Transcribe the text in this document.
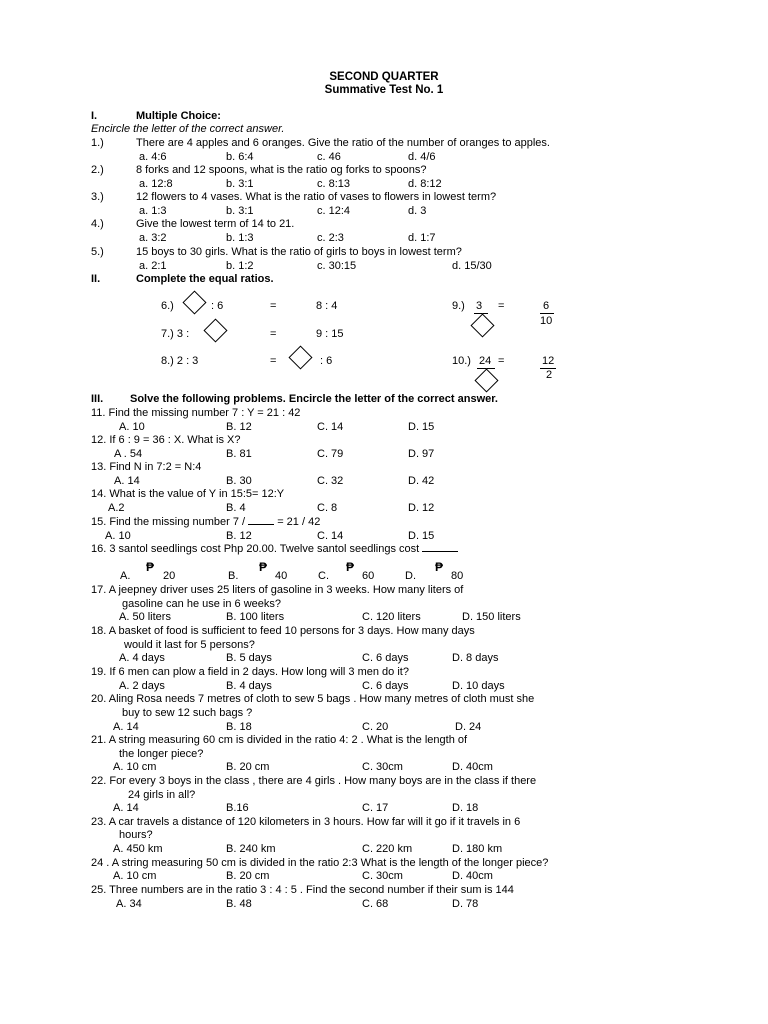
SECOND QUARTER
Summative Test No. 1
I.	Multiple Choice:
Encircle the letter of the correct answer.
1.)	There are 4 apples and 6 oranges. Give the ratio of the number of oranges to apples.
a. 4:6	b. 6:4	c. 46	d. 4/6
2.)	8 forks and 12 spoons, what is the ratio og forks to spoons?
a. 12:8	b. 3:1	c. 8:13	d. 8:12
3.)	12 flowers to 4 vases. What is the ratio of vases to flowers in lowest term?
a. 1:3	b. 3:1	c. 12:4	d. 3
4.)	Give the lowest term of 14 to 21.
a. 3:2	b. 1:3	c. 2:3	d. 1:7
5.)	15 boys to 30 girls. What is the ratio of girls to boys in lowest term?
a. 2:1	b. 1:2	c. 30:15	d. 15/30
II.	Complete the equal ratios.
6.)	: 6	=	8 : 4
7.) 3 :	=	9 : 15
8.) 2 : 3	=	: 6
9.) 3 =	6
10
10.) 24 =	12
2
III. Solve the following problems. Encircle the letter of the correct answer.
11. Find the missing number 7 : Y = 21 : 42
A. 10	B. 12	C. 14	D. 15
12. If 6 : 9 = 36 : X. What is X?
A . 54	B. 81	C. 79	D. 97
13. Find N in 7:2 = N:4
A. 14	B. 30	C. 32	D. 42
14. What is the value of Y in 15:5= 12:Y
A.2	B. 4	C. 8	D. 12
15. Find the missing number 7 /  = 21 / 42
A. 10	B. 12	C. 14	D. 15
16. 3 santol seedlings cost Php 20.00. Twelve santol seedlings cost
A.
₱
20	B.
₱
40	C.
₱
60	D.
₱
80
17. A jeepney driver uses 25 liters of gasoline in 3 weeks. How many liters of
gasoline can he use in 6 weeks?
A. 50 liters	B. 100 liters	C. 120 liters	D. 150 liters
18. A basket of food is sufficient to feed 10 persons for 3 days. How many days
would it last for 5 persons?
A. 4 days	B. 5 days	C. 6 days	D. 8 days
19. If 6 men can plow a field in 2 days. How long will 3 men do it?
A. 2 days	B. 4 days	C. 6 days	D. 10 days
20. Aling Rosa needs 7 metres of cloth to sew 5 bags . How many metres of cloth must she
buy to sew 12 such bags ?
A. 14	B. 18	C. 20	D. 24
21. A string measuring 60 cm is divided in the ratio 4: 2 . What is the length of
the longer piece?
A. 10 cm	B. 20 cm	C. 30cm	D. 40cm
22. For every 3 boys in the class , there are 4 girls . How many boys are in the class if there
24 girls in all?
A. 14	B.16	C. 17	D. 18
23. A car travels a distance of 120 kilometers in 3 hours. How far will it go if it travels in 6
hours?
A. 450 km	B. 240 km	C. 220 km	D. 180 km
24 . A string measuring 50 cm is divided in the ratio 2:3 What is the length of the longer piece?
A. 10 cm	B. 20 cm	C. 30cm	D. 40cm
25. Three numbers are in the ratio 3 : 4 : 5 . Find the second number if their sum is 144
A. 34	B. 48	C. 68	D. 78
